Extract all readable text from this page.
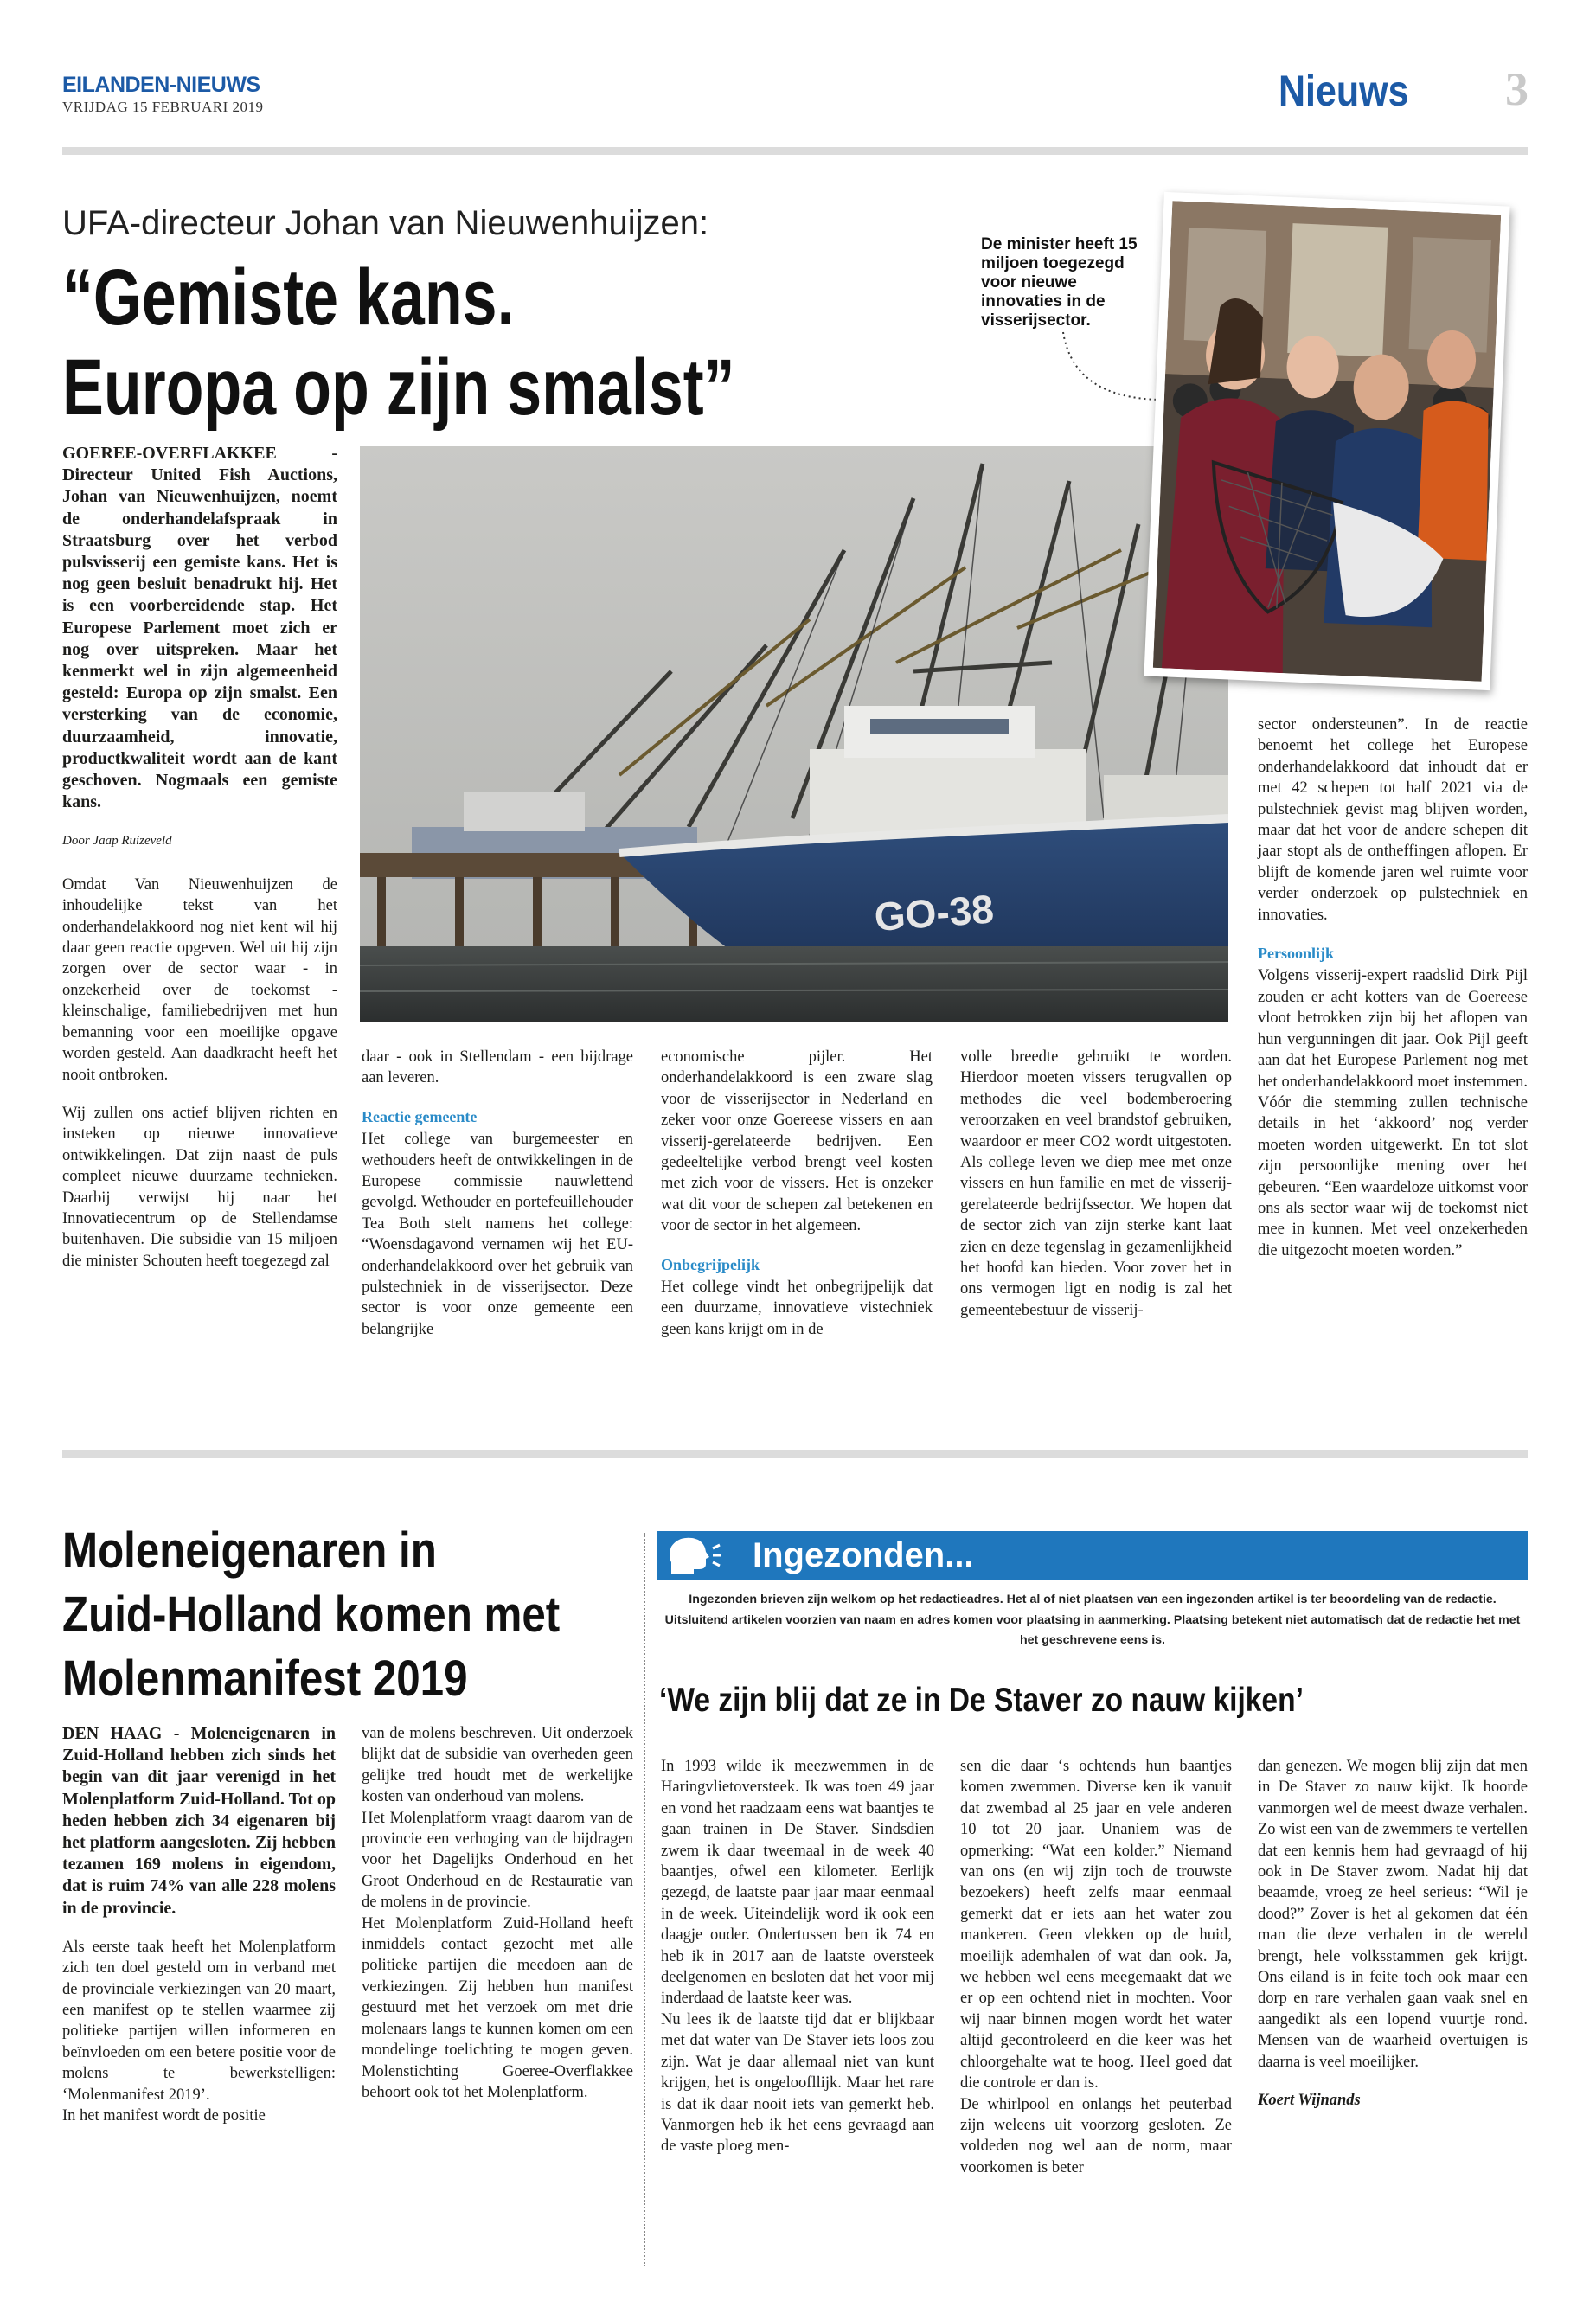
EILANDEN-NIEUWS
VRIJDAG 15 FEBRUARI 2019	Nieuws 3
UFA-directeur Johan van Nieuwenhuijzen:
“Gemiste kans.
Europa op zijn smalst”
De minister heeft 15 miljoen toegezegd voor nieuwe innovaties in de visserijsector.
GO-38

GOEREE-OVERFLAKKEE - Directeur United Fish Auctions, Johan van Nieuwenhuijzen, noemt de onderhandelafspraak in Straatsburg over het verbod pulsvisserij een gemiste kans. Het is nog geen besluit benadrukt hij. Het is een voorbereidende stap. Het Europese Parlement moet zich er nog over uitspreken. Maar het kenmerkt wel in zijn algemeenheid gesteld: Europa op zijn smalst. Een versterking van de economie, duurzaamheid, innovatie, productkwaliteit wordt aan de kant geschoven. Nogmaals een gemiste kans.

Door Jaap Ruizeveld

Omdat Van Nieuwenhuijzen de inhoudelijke tekst van het onderhandelakkoord nog niet kent wil hij daar geen reactie opgeven. Wel uit hij zijn zorgen over de sector waar - in onzekerheid over de toekomst - kleinschalige, familiebedrijven met hun bemanning voor een moeilijke opgave worden gesteld. Aan daadkracht heeft het nooit ontbroken.

Wij zullen ons actief blijven richten en insteken op nieuwe innovatieve ontwikkelingen. Dat zijn naast de puls compleet nieuwe duurzame technieken. Daarbij verwijst hij naar het Innovatiecentrum op de Stellendamse buitenhaven. Die subsidie van 15 miljoen die minister Schouten heeft toegezegd zal

daar - ook in Stellendam - een bijdrage aan leveren.

Reactie gemeente

Het college van burgemeester en wethouders heeft de ontwikkelingen in de Europese commissie nauwlettend gevolgd. Wethouder en portefeuillehouder Tea Both stelt namens het college: “Woensdagavond vernamen wij het EU-onderhandelakkoord over het gebruik van pulstechniek in de visserijsector. Deze sector is voor onze gemeente een belangrijke

economische pijler. Het onderhandelakkoord is een zware slag voor de visserijsector in Nederland en zeker voor onze Goereese vissers en aan visserij-gerelateerde bedrijven. Een gedeeltelijke verbod brengt veel kosten met zich voor de vissers. Het is onzeker wat dit voor de schepen zal betekenen en voor de sector in het algemeen.

Onbegrijpelijk

Het college vindt het onbegrijpelijk dat een duurzame, innovatieve vistechniek geen kans krijgt om in de

volle breedte gebruikt te worden. Hierdoor moeten vissers terugvallen op methodes die veel bodemberoering veroorzaken en veel brandstof gebruiken, waardoor er meer CO2 wordt uitgestoten. Als college leven we diep mee met onze vissers en hun familie en met de visserij-gerelateerde bedrijfssector. We hopen dat de sector zich van zijn sterke kant laat zien en deze tegenslag in gezamenlijkheid het hoofd kan bieden. Voor zover het in ons vermogen ligt en nodig is zal het gemeentebestuur de visserij-

sector ondersteunen”. In de reactie benoemt het college het Europese onderhandelakkoord dat inhoudt dat er met 42 schepen tot half 2021 via de pulstechniek gevist mag blijven worden, maar dat het voor de andere schepen dit jaar stopt als de ontheffingen aflopen. Er blijft de komende jaren wel ruimte voor verder onderzoek op pulstechniek en innovaties.

Persoonlijk

Volgens visserij-expert raadslid Dirk Pijl zouden er acht kotters van de Goereese vloot betrokken zijn bij het aflopen van hun vergunningen dit jaar. Ook Pijl geeft aan dat het Europese Parlement nog met het onderhandelakkoord moet instemmen. Vóór die stemming zullen technische details in het ‘akkoord’ nog verder moeten worden uitgewerkt. En tot slot zijn persoonlijke mening over het gebeuren. “Een waardeloze uitkomst voor ons als sector waar wij de toekomst niet mee in kunnen. Met veel onzekerheden die uitgezocht moeten worden.”

Moleneigenaren in
Zuid-Holland komen met
Molenmanifest 2019

DEN HAAG - Moleneigenaren in Zuid-Holland hebben zich sinds het begin van dit jaar verenigd in het Molenplatform Zuid-Holland. Tot op heden hebben zich 34 eigenaren bij het platform aangesloten. Zij hebben tezamen 169 molens in eigendom, dat is ruim 74% van alle 228 molens in de provincie.

Als eerste taak heeft het Molenplatform zich ten doel gesteld om in verband met de provinciale verkiezingen van 20 maart, een manifest op te stellen waarmee zij politieke partijen willen informeren en beïnvloeden om een betere positie voor de molens te bewerkstelligen: ‘Molenmanifest 2019’.

In het manifest wordt de positie

van de molens beschreven. Uit onderzoek blijkt dat de subsidie van overheden geen gelijke tred houdt met de werkelijke kosten van onderhoud van molens.

Het Molenplatform vraagt daarom van de provincie een verhoging van de bijdragen voor het Dagelijks Onderhoud en het Groot Onderhoud en de Restauratie van de molens in de provincie.

Het Molenplatform Zuid-Holland heeft inmiddels contact gezocht met alle politieke partijen die meedoen aan de verkiezingen. Zij hebben hun manifest gestuurd met het verzoek om met drie molenaars langs te kunnen komen om een mondelinge toelichting te mogen geven. Molenstichting Goeree-Overflakkee behoort ook tot het Molenplatform.

Ingezonden...
Ingezonden brieven zijn welkom op het redactieadres. Het al of niet plaatsen van een ingezonden artikel is ter beoordeling van de redactie. Uitsluitend artikelen voorzien van naam en adres komen voor plaatsing in aanmerking. Plaatsing betekent niet automatisch dat de redactie het met het geschrevene eens is.
‘We zijn blij dat ze in De Staver zo nauw kijken’

In 1993 wilde ik meezwemmen in de Haringvlietoversteek. Ik was toen 49 jaar en vond het raadzaam eens wat baantjes te gaan trainen in De Staver. Sindsdien zwem ik daar tweemaal in de week 40 baantjes, ofwel een kilometer. Eerlijk gezegd, de laatste paar jaar maar eenmaal in de week. Uiteindelijk word ik ook een daagje ouder. Ondertussen ben ik 74 en heb ik in 2017 aan de laatste oversteek deelgenomen en besloten dat het voor mij inderdaad de laatste keer was.

Nu lees ik de laatste tijd dat er blijkbaar met dat water van De Staver iets loos zou zijn. Wat je daar allemaal niet van kunt krijgen, het is ongeloofllijk. Maar het rare is dat ik daar nooit iets van gemerkt heb. Vanmorgen heb ik het eens gevraagd aan de vaste ploeg men-

sen die daar ‘s ochtends hun baantjes komen zwemmen. Diverse ken ik vanuit dat zwembad al 25 jaar en vele anderen 10 tot 20 jaar. Unaniem was de opmerking: “Wat een kolder.” Niemand van ons (en wij zijn toch de trouwste bezoekers) heeft zelfs maar eenmaal gemerkt dat er iets aan het water zou mankeren. Geen vlekken op de huid, moeilijk ademhalen of wat dan ook. Ja, we hebben wel eens meegemaakt dat we er op een ochtend niet in mochten. Voor wij naar binnen mogen wordt het water altijd gecontroleerd en die keer was het chloorgehalte wat te hoog. Heel goed dat die controle er dan is.

De whirlpool en onlangs het peuterbad zijn weleens uit voorzorg gesloten. Ze voldeden nog wel aan de norm, maar voorkomen is beter

dan genezen. We mogen blij zijn dat men in De Staver zo nauw kijkt. Ik hoorde vanmorgen wel de meest dwaze verhalen. Zo wist een van de zwemmers te vertellen dat een kennis hem had gevraagd of hij ook in De Staver zwom. Nadat hij dat beaamde, vroeg ze heel serieus: “Wil je dood?” Zover is het al gekomen dat één man die deze verhalen in de wereld brengt, hele volksstammen gek krijgt. Ons eiland is in feite toch ook maar een dorp en rare verhalen gaan vaak snel en aangedikt als een lopend vuurtje rond. Mensen van de waarheid overtuigen is daarna is veel moeilijker.

Koert Wijnands
